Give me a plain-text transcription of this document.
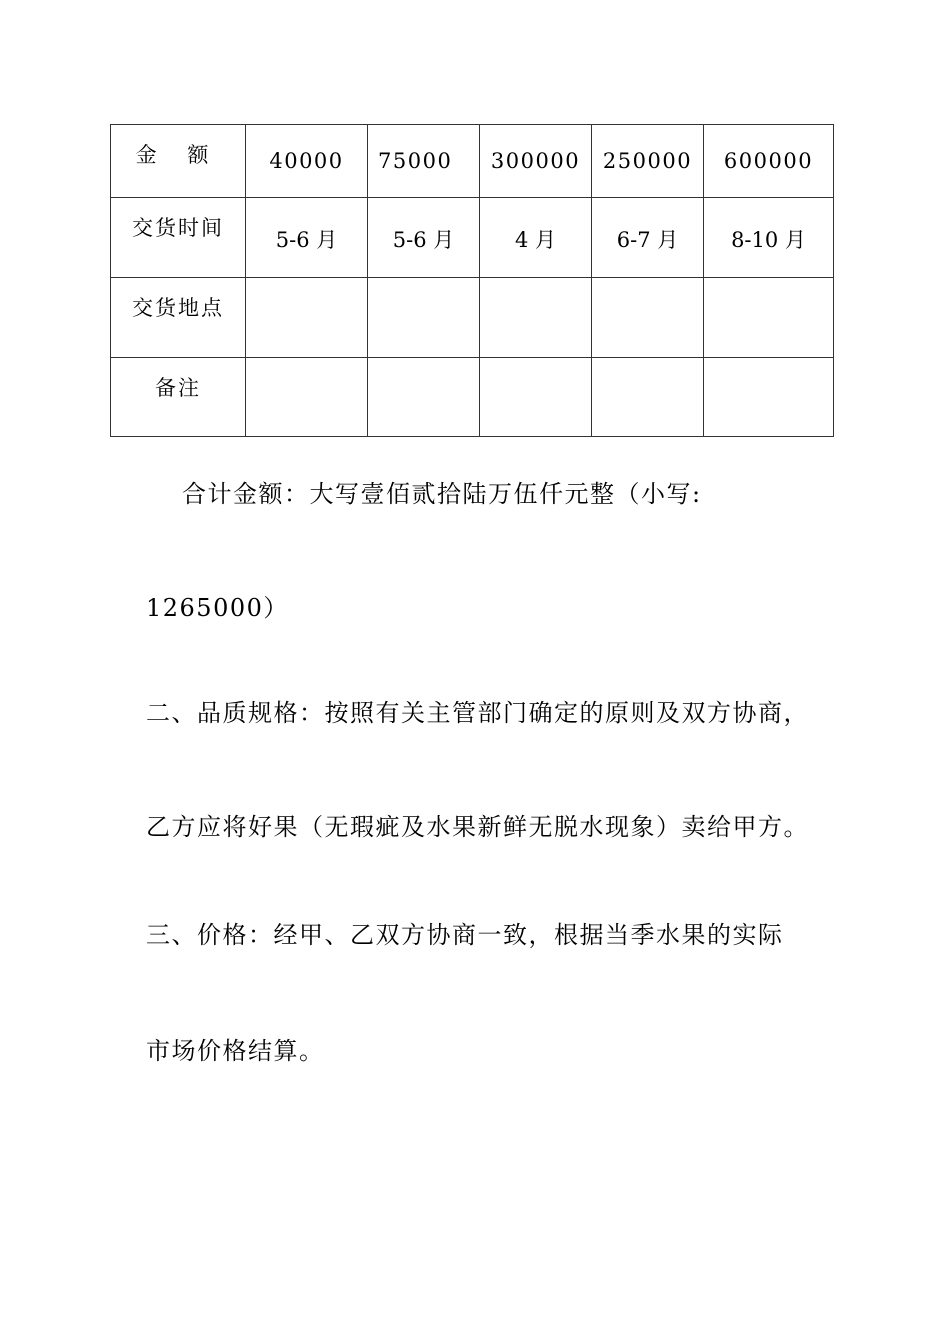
金 额	40000	75000	300000	250000	600000

交货时间	5-6 月	5-6 月	4 月	6-7 月	8-10 月

交货地点					

备注					

合计金额：大写壹佰贰拾陆万伍仟元整（小写:

1265000）

二、品质规格：按照有关主管部门确定的原则及双方协商，

乙方应将好果（无瑕疵及水果新鲜无脱水现象）卖给甲方。

三、价格：经甲、乙双方协商一致，根据当季水果的实际

市场价格结算。
